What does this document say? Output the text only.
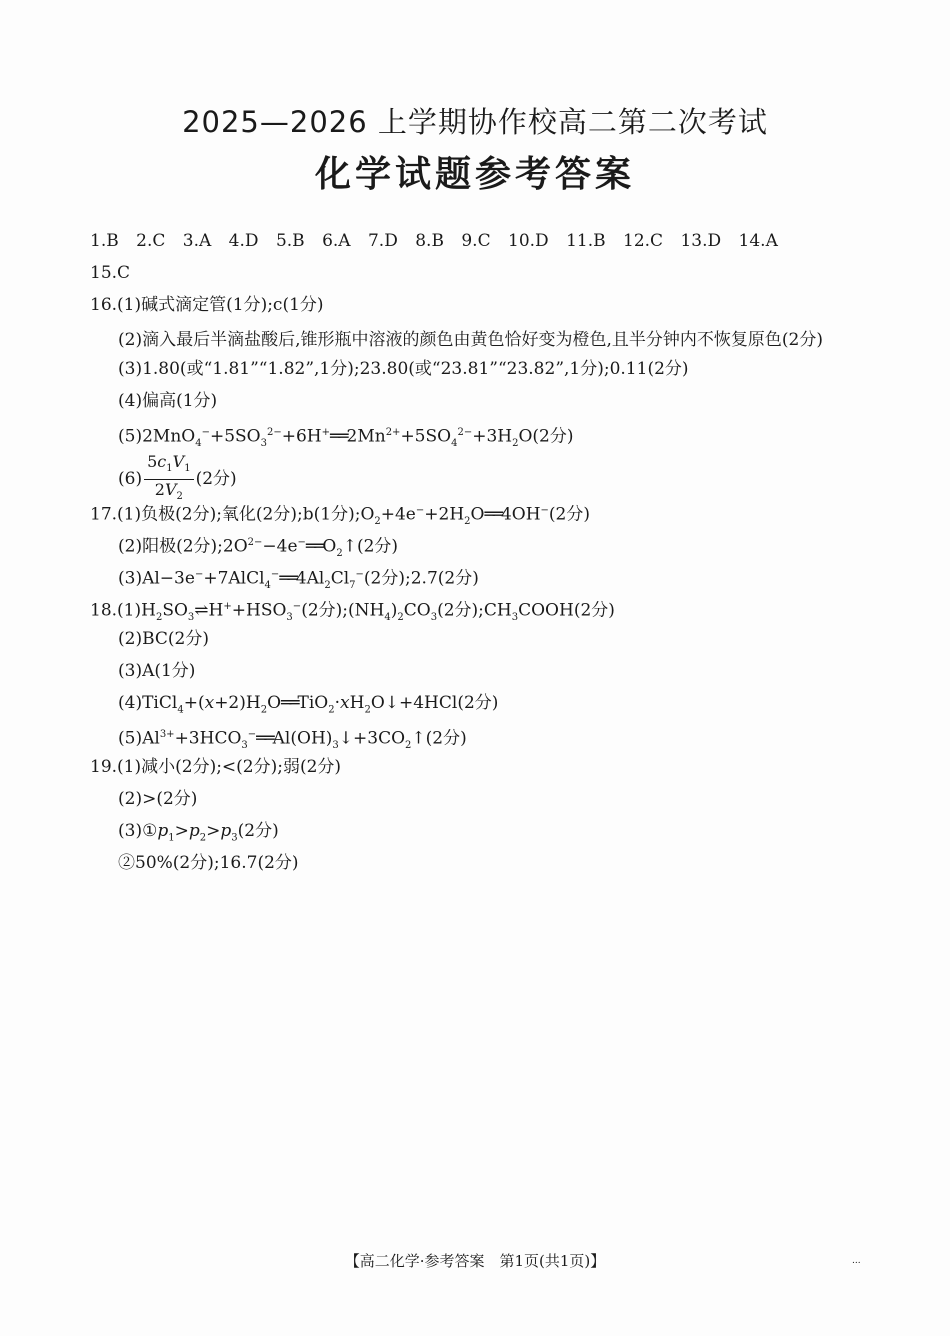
2025—2026 上学期协作校高二第二次考试
化学试题参考答案
1.B 2.C 3.A 4.D 5.B 6.A 7.D 8.B 9.C 10.D 11.B 12.C 13.D 14.A
15.C
16.(1)碱式滴定管(1分);c(1分)
(2)滴入最后半滴盐酸后,锥形瓶中溶液的颜色由黄色恰好变为橙色,且半分钟内不恢复原色(2分)
(3)1.80(或“1.81”“1.82”,1分);23.80(或“23.81”“23.82”,1分);0.11(2分)
(4)偏高(1分)
$(5)2MnO_4^-+5SO_3^{2-}+6H^+══2Mn^{2+}+5SO_4^{2-}+3H_2O(2$分)
$(6) \frac{5c_1V_1}{2V_2} (2$分)
17.(1)负极(2分);氧化(2分);b(1分)$;O_2+4e^-+2H_2O══4OH^-(2$分)
(2)阳极(2分)$;2O^{2-}-4e^-══O_2↑(2$分)
$(3)Al-3e^-+7AlCl_4^-══4Al_2Cl_7^-(2$分);2.7(2分)
$18.(1)H_2SO_3\rightleftharpoons H^++HSO_3^-(2$分)$;(NH_4)_2CO_3(2$分)$;CH_3COOH(2$分)
(2)BC(2分)
(3)A(1分)
$(4)TiCl_4+(x+2)H_2O══TiO_2\cdot xH_2O↓+4HCl(2$分)
$(5)Al^{3+}+3HCO_3^-══Al(OH)_3↓+3CO_2↑(2$分)
19.(1)减小(2分);<(2分);弱(2分)
(2)>(2分)
$(3)①p_1>p_2>p_3(2$分)
②50%(2分);16.7(2分)
【高二化学·参考答案　第1页(共1页)】	...
